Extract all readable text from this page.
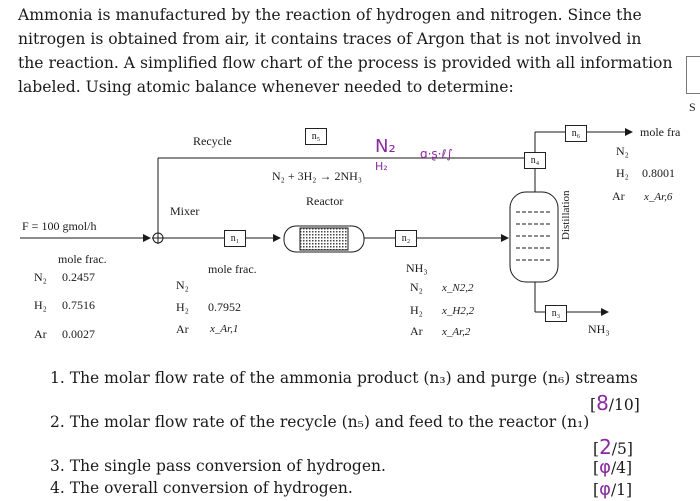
Ammonia is manufactured by the reaction of hydrogen and nitrogen. Since the
nitrogen is obtained from air, it contains traces of Argon that is not involved in
the reaction. A simplified flow chart of the process is provided with all information
labeled. Using atomic balance whenever needed to determine:
S
Distillation
n₅
n₄
n₆
n₁	n₂
n₃
Recycle
Mixer
Reactor
N₂ + 3H₂ → 2NH₃
N₂
H₂
ɑ·ʂ·ℓ∫
F = 100 gmol/h
mole frac.
N₂ 0.2457
H₂ 0.7516
Ar 0.0027
mole frac.
N₂
H₂ 0.7952
Ar x_Ar,1
NH₃
N₂ x_N2,2
H₂ x_H2,2
Ar x_Ar,2	NH₃
mole fra
N₂
H₂ 0.8001
Ar x_Ar,6
1. The molar flow rate of the ammonia product (n₃) and purge (n₆) streams
[8/10]
2. The molar flow rate of the recycle (n₅) and feed to the reactor (n₁)
[2/5]
3. The single pass conversion of hydrogen.	[φ/4]
4. The overall conversion of hydrogen.	[φ/1]
